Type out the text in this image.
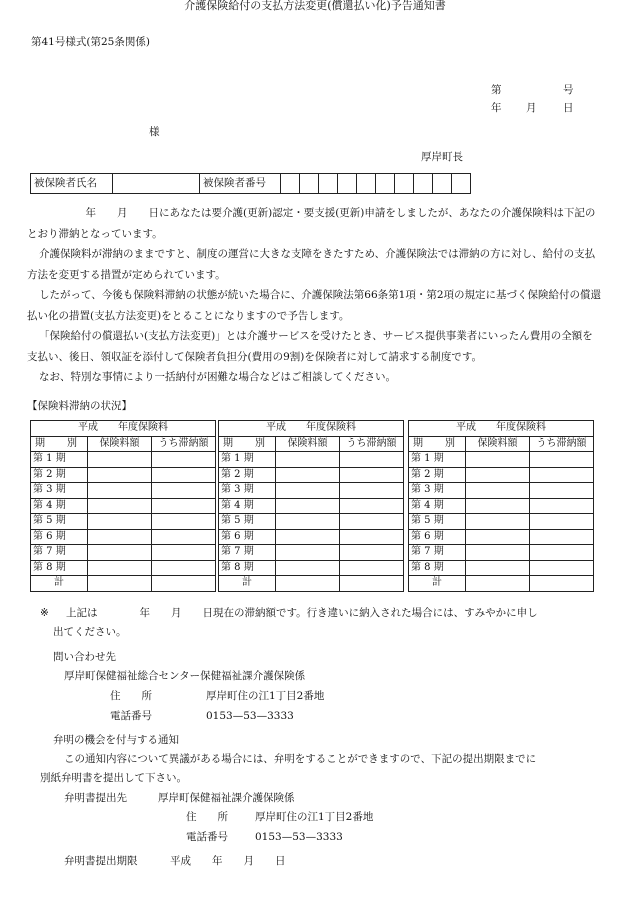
第41号様式(第25条関係)
介護保険給付の支払方法変更(償還払い化)予告通知書
第	号
年 月	日
様
厚岸町長
被保険者氏名		被保険者番号										

　年　　月　　日にあなたは要介護(更新)認定・要支援(更新)申請をしましたが、あなたの介護保険料は下記のとおり滞納となっています。

介護保険料が滞納のままですと、制度の運営に大きな支障をきたすため、介護保険法では滞納の方に対し、給付の支払方法を変更する措置が定められています。

したがって、今後も保険料滞納の状態が続いた場合に、介護保険法第66条第1項・第2項の規定に基づく保険給付の償還払い化の措置(支払方法変更)をとることになりますので予告します。

「保険給付の償還払い(支払方法変更)」とは介護サービスを受けたとき、サービス提供事業者にいったん費用の全額を支払い、後日、領収証を添付して保険者負担分(費用の9割)を保険者に対して請求する制度です。

なお、特別な事情により一括納付が困難な場合などはご相談してください。

【保険料滞納の状況】
平成　　年度保険料		
期　別	保険料額	うち滞納額
第 1 期		
第 2 期		
第 3 期		
第 4 期		
第 5 期		
第 6 期		
第 7 期		
第 8 期		
計		
平成　　年度保険料		
期　別	保険料額	うち滞納額
第 1 期		
第 2 期		
第 3 期		
第 4 期		
第 5 期		
第 6 期		
第 7 期		
第 8 期		
計		
平成　　年度保険料		
期　別	保険料額	うち滞納額
第 1 期		
第 2 期		
第 3 期		
第 4 期		
第 5 期		
第 6 期		
第 7 期		
第 8 期		
計		
※ 上記は　　　　年　　月　　日現在の滞納額です。行き違いに納入された場合には、すみやかに申し
出てください。
問い合わせ先
厚岸町保健福祉総合センター保健福祉課介護保険係
住　　所	厚岸町住の江1丁目2番地
電話番号	0153—53—3333
弁明の機会を付与する通知
この通知内容について異議がある場合には、弁明をすることができますので、下記の提出期限までに
別紙弁明書を提出して下さい。
弁明書提出先	厚岸町保健福祉課介護保険係
住　　所	厚岸町住の江1丁目2番地
電話番号	0153—53—3333
弁明書提出期限	平成　　年　　月　　日
